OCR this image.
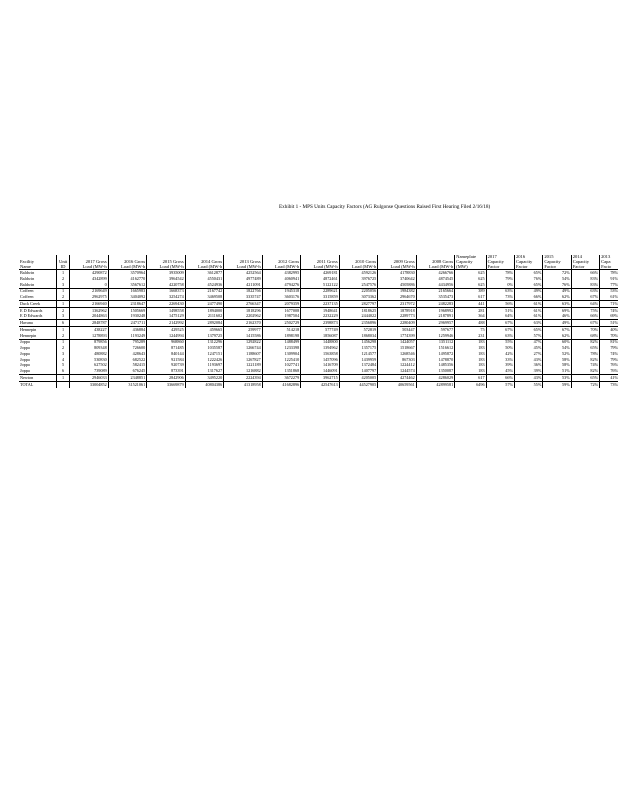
Exhibit 1 - MPS Units Capacity Factors (AG Rulgonse Questions Raised First Hearing Filed 2/16/18)
Facility	Unit	2017 Gross	2016 Gross	2015 Gross	2014 Gross	2013 Gross	2012 Gross	2011 Gross	2010 Gross	2009 Gross	2008 Gross	Nameplate Capacity	2017 Capacity	2016 Capacity	2015 Capacity	2014 Capacity	2013 Capa
Name	ID	Load (MW-h	Load (MW-h	Load (MW-h	Load (MW-h	Load (MW-h	Load (MW-h	Load (MW-h	Load (MW-h	Load (MW-h	Load (MW-h	(MW)	Factor	Factor	Factor	Factor	Facto
Baldwin	1	4290872	3570964	3935009	3612877	4252564	4382995	4269181	4592126	4178830	4266766	625	78%	65%	72%	66%	78%
Baldwin	2	4342899	4162770	3964542	4550431	4977489	4060941	4872461	3976725	3740642	4874545	625	79%	76%	54%	83%	91%
Baldwin	3	0	3567612	4220758	4524936	4211091	4794276	5122122	2547576	4505886	4434956	625	0%	65%	76%	83%	77%
Coffeen	1	2169649	1665983	1668373	2167742	1822766	1945318	2289621	2205056	1984382	2165664	389	63%	49%	49%	63%	53%
Coffeen	2	2962975	3404092	3254274	3469508	3335747	3603176	3315859	3073362	2964670	3535473	617	73%	66%	62%	67%	61%
Duck Creek	1	2166940	2318647	2269430	2477490	2766347	2079359	2237135	2827797	2317972	2482283	441	56%	61%	63%	64%	71%
E D Edwards	2	1362962	1505669	1498558	1894000	1818296	1677008	1948641	1818625	1878918	1968992	281	51%	61%	69%	75%	74%
E D Edwards	3	2044863	1930248	1475129	2111602	2202962	1987504	2232229	2444022	2289773	2187891	364	64%	61%	46%	66%	69%
Havana	6	2848787	2471711	2142992	2892084	2162370	2502729	2398873	2356896	2280409	2969957	488	67%	63%	49%	67%	51%
Hennepin	1	438227	436884	429525	459665	259977	514218	577749	572819	503447	597677	75	67%	65%	67%	70%	40%
Hennepin	2	1278893	1193249	1244994	1379725	1415586	1898198	1856087	1868034	1774399	1259946	231	63%	57%	62%	68%	70%
Joppa	1	879856	795289	968860	1312296	1292822	1488499	1448800	1456298	1424057	1351112	183	55%	47%	60%	82%	81%
Joppa	2	809348	726600	871485	1035587	1266744	1233398	1394962	1357175	1518667	1516612	183	50%	45%	54%	65%	79%
Joppa	3	480882	428643	840144	1247151	1188607	1309904	1563858	1214577	1268546	1495872	183	42%	27%	52%	78%	74%
Joppa	4	530830	682522	921584	1222426	1267827	1225410	1457096	1439959	867303	1478870	183	33%	43%	58%	82%	79%
Joppa	5	627502	582415	920739	1193697	1221189	1027741	1416709	1372484	1224412	1485356	183	39%	36%	58%	74%	76%
Joppa	6	739089	676245	873391	1317627	1216882	1351868	1446091	1407797	1244574	1350087	183	45%	39%	51%	82%	76%
Newton	1	2946033	2348851	2842906	3495220	2224394	3672279	3962715	4205005	4274462	4286029	617	66%	43%	53%	65%	41%
TOTAL		33004852	31521061	33669879	40804386	41318958	41682896	42547613	44527905	40659561	42899581	6496	57%	55%	59%	72%	73%
